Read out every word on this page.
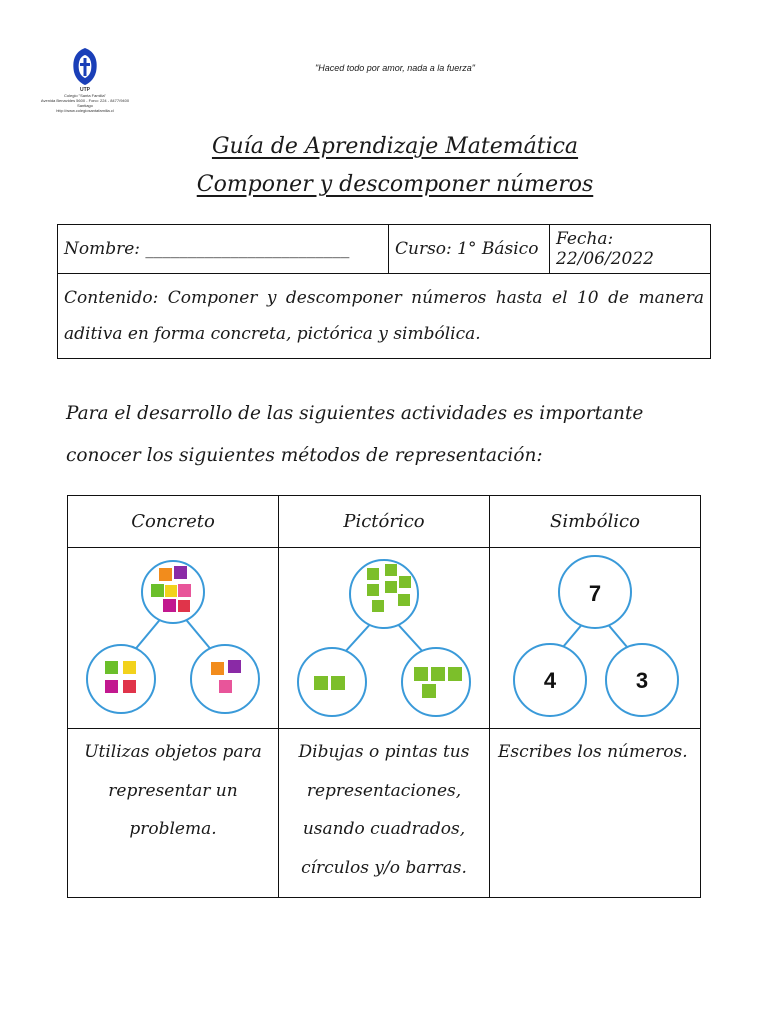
UTP
Colegio "Santa Familia"
Avenida Benavides 5600 - Fono: 224 - 8477/9400
Santiago
http://www.colegiosantafamilia.cl
"Haced todo por amor, nada a la fuerza"
Guía de Aprendizaje Matemática
Componer y descomponer números
Nombre: ________________________	Curso: 1° Básico	Fecha: 22/06/2022
Contenido: Componer y descomponer números hasta el 10 de manera aditiva en forma concreta, pictórica y simbólica.
Para el desarrollo de las siguientes actividades es importante conocer los siguientes métodos de representación:
Concreto	Pictórico	Simbólico

7
4 3

Utilizas objetos para representar un problema.	Dibujas o pintas tus representaciones, usando cuadrados, círculos y/o barras.	Escribes los números.
